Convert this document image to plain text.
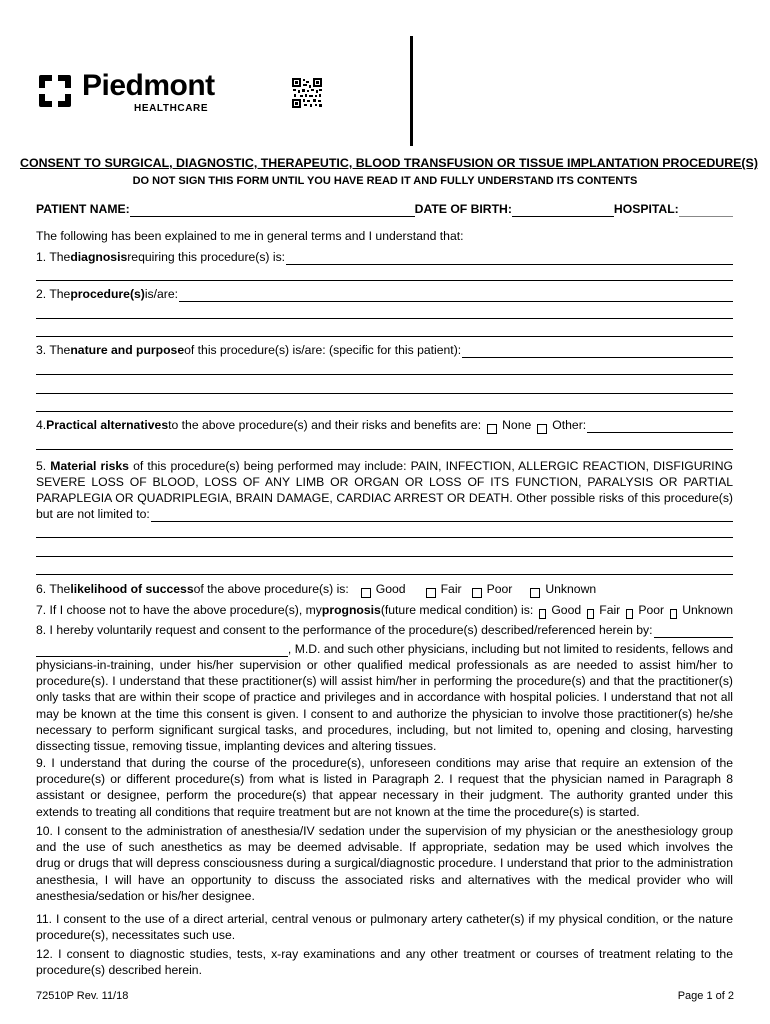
Piedmont
HEALTHCARE
CONSENT TO SURGICAL, DIAGNOSTIC, THERAPEUTIC, BLOOD TRANSFUSION OR TISSUE IMPLANTATION PROCEDURE(S)
DO NOT SIGN THIS FORM UNTIL YOU HAVE READ IT AND FULLY UNDERSTAND ITS CONTENTS
PATIENT NAME:	DATE OF BIRTH:	HOSPITAL:
The following has been explained to me in general terms and I understand that:
1. The diagnosis requiring this procedure(s) is:
2. The procedure(s) is/are:
3. The nature and purpose of this procedure(s) is/are: (specific for this patient):
4. Practical alternatives to the above procedure(s) and their risks and benefits are: None Other:
5. Material risks of this procedure(s) being performed may include: PAIN, INFECTION, ALLERGIC REACTION, DISFIGURING
SEVERE LOSS OF BLOOD, LOSS OF ANY LIMB OR ORGAN OR LOSS OF ITS FUNCTION, PARALYSIS OR PARTIAL
PARAPLEGIA OR QUADRIPLEGIA, BRAIN DAMAGE, CARDIAC ARREST OR DEATH. Other possible risks of this procedure(s)
but are not limited to:
6. The likelihood of success of the above procedure(s) is: Good	Fair Poor	Unknown
7. If I choose not to have the above procedure(s), my prognosis (future medical condition) is: Good Fair Poor Unknown
8. I hereby voluntarily request and consent to the performance of the procedure(s) described/referenced herein by:
, M.D. and such other physicians, including but not limited to residents, fellows and
physicians-in-training, under his/her supervision or other qualified medical professionals as are needed to assist him/her to
procedure(s). I understand that these practitioner(s) will assist him/her in performing the procedure(s) and that the practitioner(s)
only tasks that are within their scope of practice and privileges and in accordance with hospital policies. I understand that not all
may be known at the time this consent is given. I consent to and authorize the physician to involve those practitioner(s) he/she
necessary to perform significant surgical tasks, and procedures, including, but not limited to, opening and closing, harvesting
dissecting tissue, removing tissue, implanting devices and altering tissues.
9. I understand that during the course of the procedure(s), unforeseen conditions may arise that require an extension of the
procedure(s) or different procedure(s) from what is listed in Paragraph 2. I request that the physician named in Paragraph 8
assistant or designee, perform the procedure(s) that appear necessary in their judgment. The authority granted under this
extends to treating all conditions that require treatment but are not known at the time the procedure(s) is started.
10. I consent to the administration of anesthesia/IV sedation under the supervision of my physician or the anesthesiology group
and the use of such anesthetics as may be deemed advisable. If appropriate, sedation may be used which involves the
drug or drugs that will depress consciousness during a surgical/diagnostic procedure. I understand that prior to the administration
anesthesia, I will have an opportunity to discuss the associated risks and alternatives with the medical provider who will
anesthesia/sedation or his/her designee.
11. I consent to the use of a direct arterial, central venous or pulmonary artery catheter(s) if my physical condition, or the nature
procedure(s), necessitates such use.
12. I consent to diagnostic studies, tests, x-ray examinations and any other treatment or courses of treatment relating to the
procedure(s) described herein.
72510P Rev. 11/18	Page 1 of 2
